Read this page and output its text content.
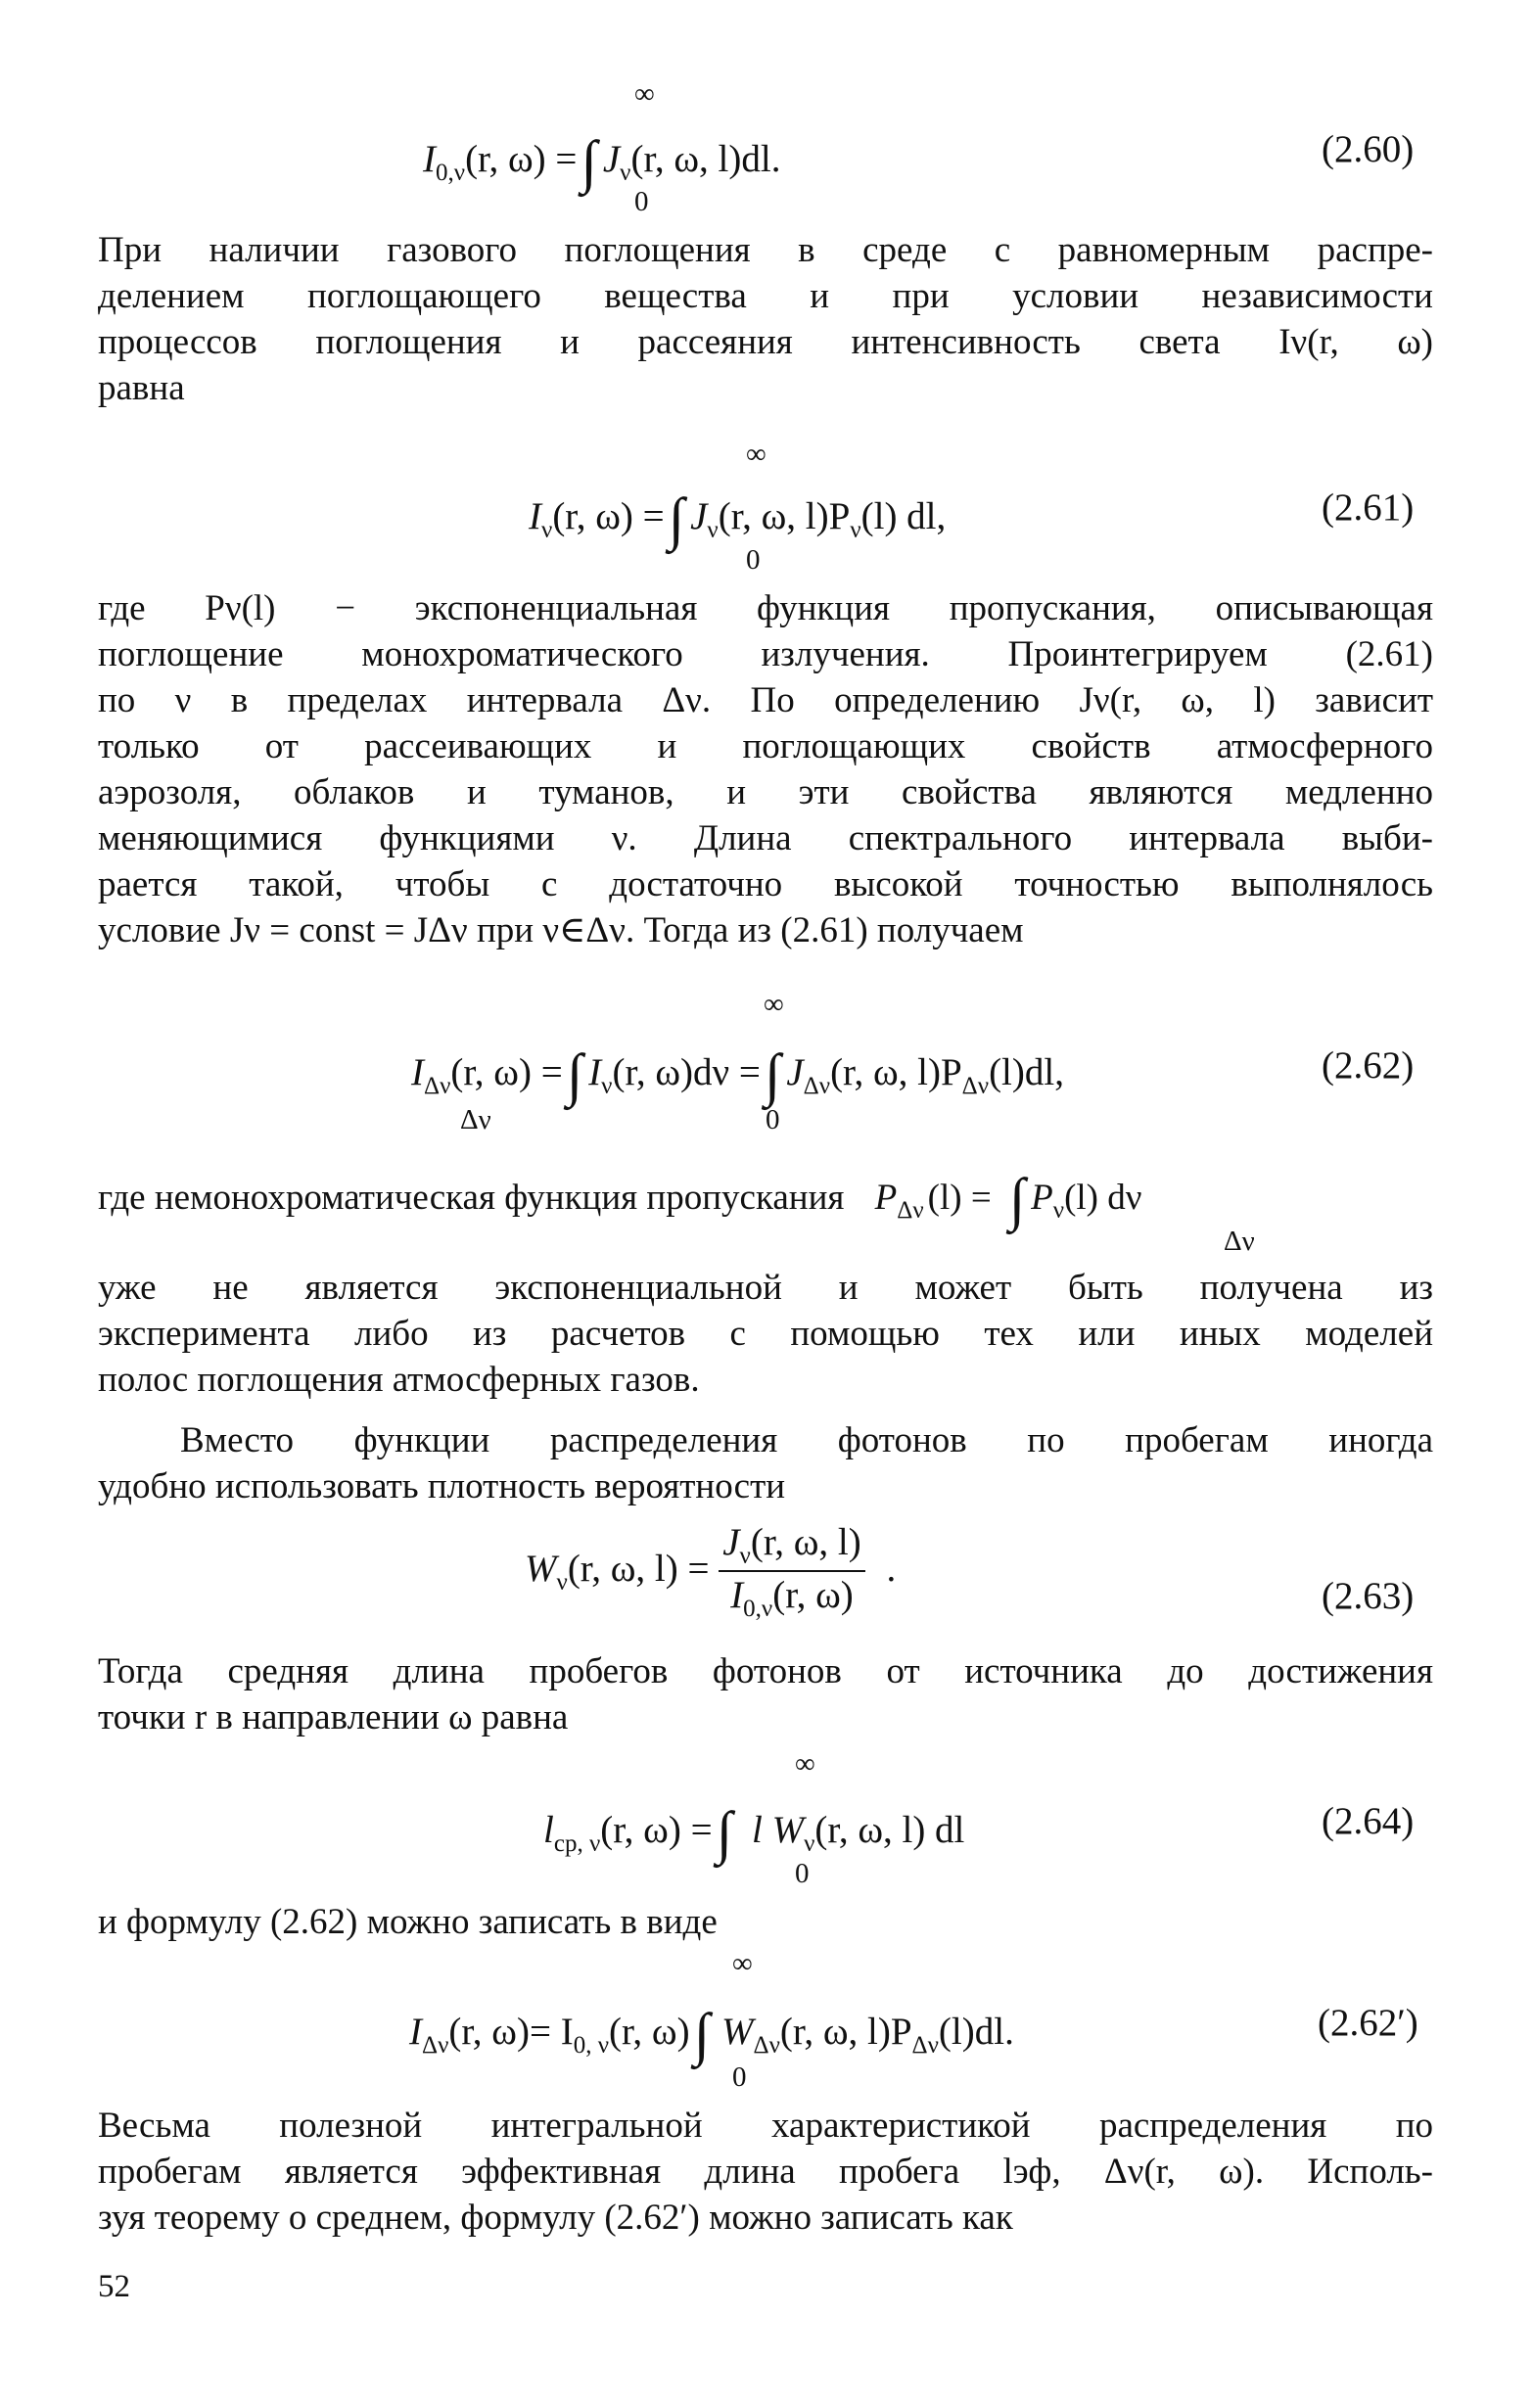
∞
$I_{0,\nu}(r$, ω) =∫ $J_\nu(r$, ω, l)dl.
0
(2.60)
При наличии газового поглощения в среде с равномерным распре-
делением поглощающего вещества и при условии независимости
процессов поглощения и рассеяния интенсивность света Iν(r, ω)
равна
∞
$I_\nu(r$, ω) =∫ $J_\nu(r$, ω, $l)P_\nu(l)$ dl,
0
(2.61)
где Pν(l) − экспоненциальная функция пропускания, описывающая
поглощение монохроматического излучения. Проинтегрируем (2.61)
по ν в пределах интервала Δν. По определению Jν(r, ω, l) зависит
только от рассеивающих и поглощающих свойств атмосферного
аэрозоля, облаков и туманов, и эти свойства являются медленно
меняющимися функциями ν. Длина спектрального интервала выби-
рается такой, чтобы с достаточно высокой точностью выполнялось
условие Jν = const = JΔν при ν∈Δν. Тогда из (2.61) получаем
∞
$I_{\Delta\nu}(r$, ω) =∫ $I_\nu(r$, ω)dν =∫ $J_{\Delta\nu}(r$, ω, $l)P_{\Delta\nu}(l)dl$,
Δν	0
(2.62)
где немонохроматическая функция пропускания $P_{\Delta\nu}$ (l) = ∫ $P_\nu(l)$ dν
Δν
уже не является экспоненциальной и может быть получена из
эксперимента либо из расчетов с помощью тех или иных моделей
полос поглощения атмосферных газов.
Вместо функции распределения фотонов по пробегам иногда
удобно использовать плотность вероятности
$W_\nu(r$, ω, $l) = \frac{J_\nu(r, \omega, l)}{I_{0,\nu}(r, \omega)}$ .
(2.63)
Тогда средняя длина пробегов фотонов от источника до достижения
точки r в направлении ω равна
∞
$l_{cp, \nu}(r$, ω) =∫ l $W_\nu(r$, ω, l) dl
0
(2.64)
и формулу (2.62) можно записать в виде
∞
$I_{\Delta\nu}(r$, $\omega)= I_{0, \nu}(r$, ω)∫ $W_{\Delta\nu}(r$, ω, $l)P_{\Delta\nu}(l)dl$.
0
(2.62′)
Весьма полезной интегральной характеристикой распределения по
пробегам является эффективная длина пробега lэф, Δν(r, ω). Исполь-
зуя теорему о среднем, формулу (2.62′) можно записать как
52
